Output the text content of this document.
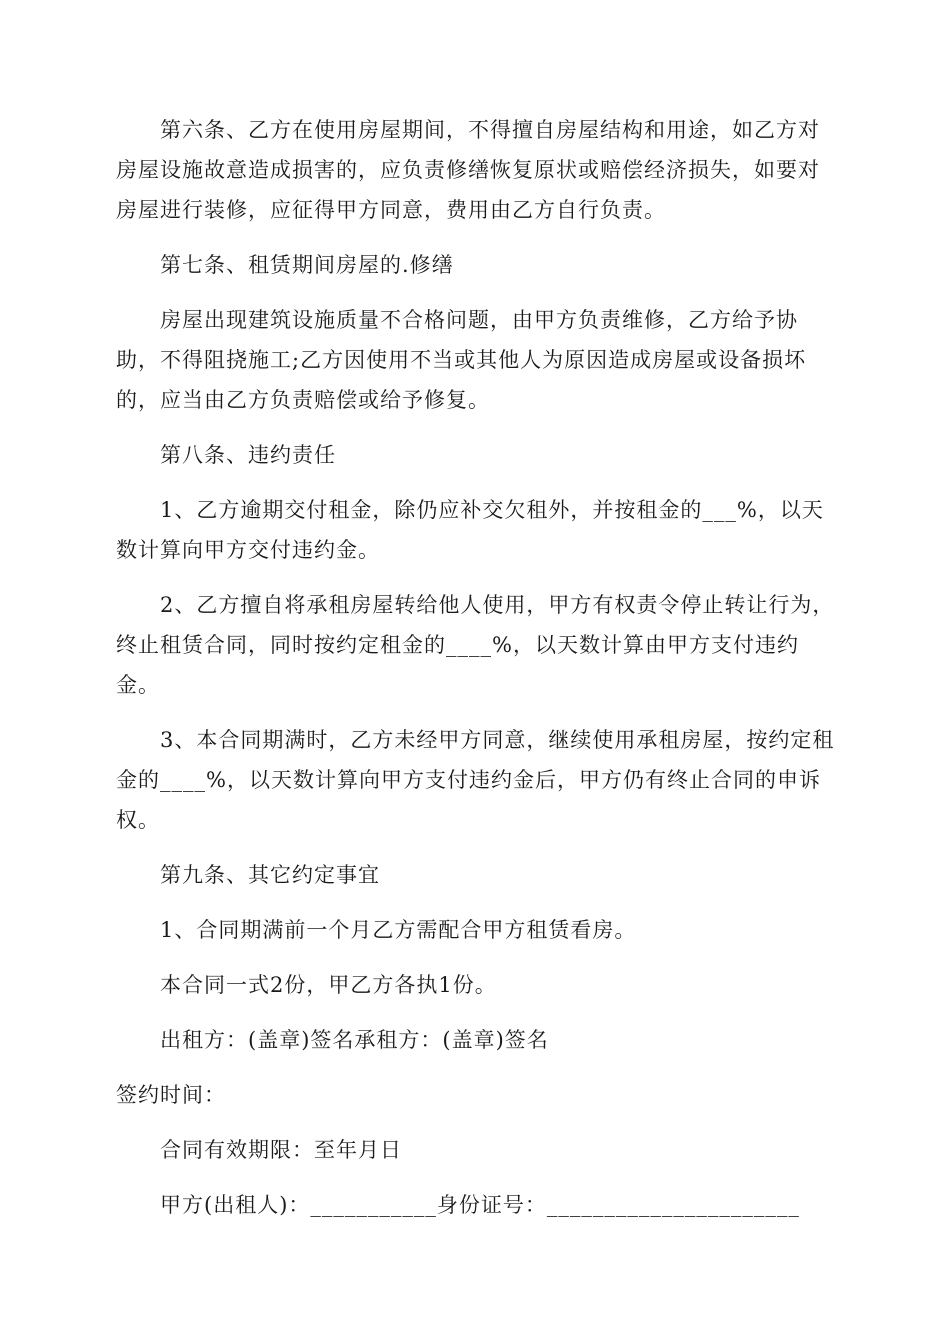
第六条、乙方在使用房屋期间，不得擅自房屋结构和用途，如乙方对房屋设施故意造成损害的，应负责修缮恢复原状或赔偿经济损失，如要对房屋进行装修，应征得甲方同意，费用由乙方自行负责。

第七条、租赁期间房屋的.修缮

房屋出现建筑设施质量不合格问题，由甲方负责维修，乙方给予协助，不得阻挠施工;乙方因使用不当或其他人为原因造成房屋或设备损坏的，应当由乙方负责赔偿或给予修复。

第八条、违约责任

1、乙方逾期交付租金，除仍应补交欠租外，并按租金的___%，以天数计算向甲方交付违约金。

2、乙方擅自将承租房屋转给他人使用，甲方有权责令停止转让行为，终止租赁合同，同时按约定租金的____%，以天数计算由甲方支付违约金。

3、本合同期满时，乙方未经甲方同意，继续使用承租房屋，按约定租金的____%，以天数计算向甲方支付违约金后，甲方仍有终止合同的申诉权。

第九条、其它约定事宜

1、合同期满前一个月乙方需配合甲方租赁看房。

本合同一式2份，甲乙方各执1份。

出租方：(盖章)签名承租方：(盖章)签名

签约时间：

合同有效期限：至年月日

甲方(出租人)：___________身份证号：______________________
